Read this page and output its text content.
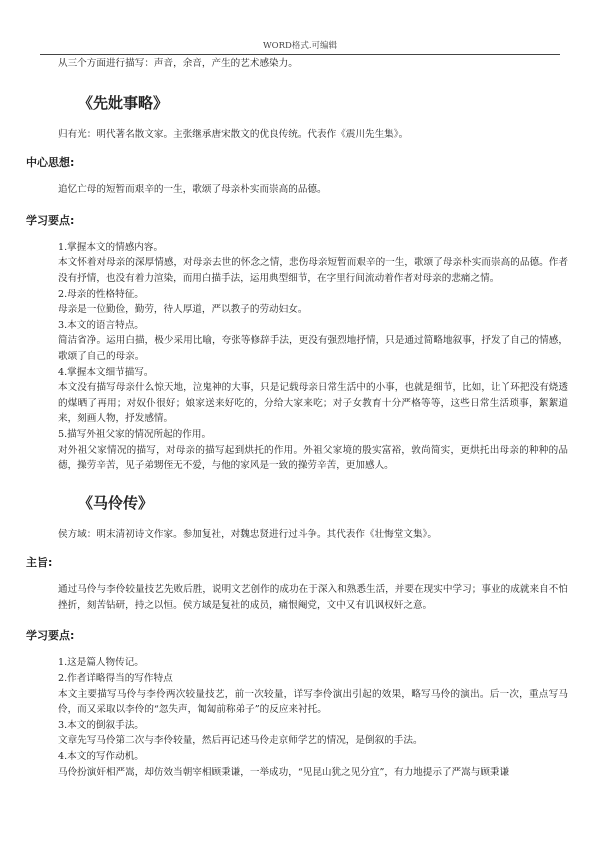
WORD格式.可编辑

从三个方面进行描写：声音，余音，产生的艺术感染力。

《先妣事略》

归有光：明代著名散文家。主张继承唐宋散文的优良传统。代表作《震川先生集》。

中心思想:

追忆亡母的短暂而艰辛的一生，歌颂了母亲朴实而崇高的品德。

学习要点:

1.掌握本文的情感内容。

本文怀着对母亲的深厚情感，对母亲去世的怀念之情，悲伤母亲短暂而艰辛的一生，歌颂了母亲朴实而崇高的品德。作者没有抒情，也没有着力渲染，而用白描手法，运用典型细节，在字里行间流动着作者对母亲的悲痛之情。

2.母亲的性格特征。

母亲是一位勤俭，勤劳，待人厚道，严以教子的劳动妇女。

3.本文的语言特点。

简洁省净。运用白描，极少采用比喻，夸张等修辞手法，更没有强烈地抒情，只是通过简略地叙事，抒发了自己的情感，歌颂了自己的母亲。

4.掌握本文细节描写。

本文没有描写母亲什么惊天地，泣鬼神的大事，只是记载母亲日常生活中的小事，也就是细节，比如，让丫环把没有烧透的煤晒了再用；对奴仆很好；娘家送来好吃的，分给大家来吃；对子女教育十分严格等等，这些日常生活琐事，絮絮道来，刻画人物，抒发感情。

5.描写外祖父家的情况所起的作用。

对外祖父家情况的描写，对母亲的描写起到烘托的作用。外祖父家境的殷实富裕，敦尚简实，更烘托出母亲的种种的品德，操劳辛苦，见子弟甥侄无不爱，与他的家风是一致的操劳辛苦，更加感人。

《马伶传》

侯方域：明末清初诗文作家。参加复社，对魏忠贤进行过斗争。其代表作《壮悔堂文集》。

主旨:

通过马伶与李伶较量技艺先败后胜，说明文艺创作的成功在于深入和熟悉生活，并要在现实中学习；事业的成就来自不怕挫折，刻苦钻研，持之以恒。侯方域是复社的成员，痛恨阉党，文中又有讥讽权奸之意。

学习要点:

1.这是篇人物传记。

2.作者详略得当的写作特点

本文主要描写马伶与李伶两次较量技艺，前一次较量，详写李伶演出引起的效果，略写马伶的演出。后一次，重点写马伶，而又采取以李伶的“忽失声，匍匐前称弟子”的反应来衬托。

3.本文的倒叙手法。

文章先写马伶第二次与李伶较量，然后再记述马伶走京师学艺的情况，是倒叙的手法。

4.本文的写作动机。

马伶扮演奸相严嵩，却仿效当朝宰相顾秉谦，一举成功，“见昆山犹之见分宜”，有力地提示了严嵩与顾秉谦
